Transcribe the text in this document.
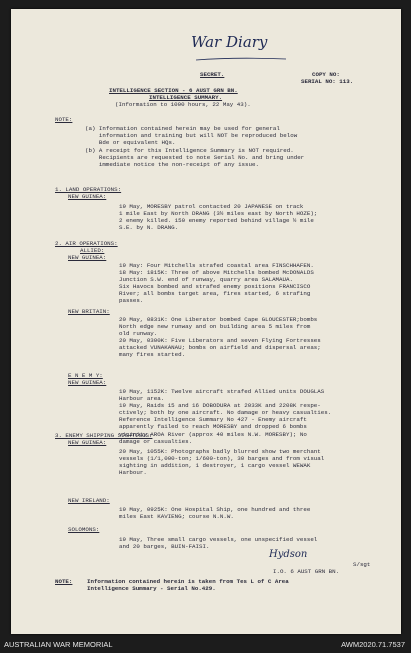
War Diary
SECRET.	COPY NO:
SERIAL NO: 113.
INTELLIGENCE SECTION - 6 AUST GRN BN.
INTELLIGENCE SUMMARY.
(Information to 1000 hours, 22 May 43).
NOTE:
(a) Information contained herein may be used for general
information and training but will NOT be reproduced below
Bde or equivalent HQs.
(b) A receipt for this Intelligence Summary is NOT required.
Recipients are requested to note Serial No. and bring under
immediate notice the non-receipt of any issue.
1. LAND OPERATIONS:
NEW GUINEA:
19 May, MORESBY patrol contacted 20 JAPANESE on track
1 mile East by North DRANG (3½ miles east by North HOZE);
2 enemy killed. 150 enemy reported behind village ½ mile
S.E. by N. DRANG.
2. AIR OPERATIONS:
ALLIED:
NEW GUINEA:
19 May: Four Mitchells strafed coastal area FINSCHHAFEN.
18 May: 1815K: Three of above Mitchells bombed McDONALDS
Junction S.W. end of runway, quarry area SALAMAUA.
Six Havocs bombed and strafed enemy positions FRANCISCO
River; all bombs target area, fires started, 6 strafing
passes.
NEW BRITAIN:
20 May, 0831K: One Liberator bombed Cape GLOUCESTER;bombs
North edge new runway and on building area 5 miles from
old runway.
20 May, 0300K: Five Liberators and seven Flying Fortresses
attacked VUNAKANAU; bombs on airfield and dispersal areas;
many fires started.
E N E M Y:
NEW GUINEA:
19 May, 1152K: Twelve aircraft strafed Allied units DOUGLAS
Harbour area.
19 May, Raids 15 and 16 DOBODURA at 2033K and 2208K respe-
ctively; both by one aircraft. No damage or heavy casualties.
Reference Intelligence Summary No 427 - Enemy aircraft
apparently failed to reach MORESBY and dropped 6 bombs
vicinity AROA River (approx 40 miles N.W. MORESBY); No
damage or casualties.
3. ENEMY SHIPPING SIGHTINGS:
NEW GUINEA:
20 May, 1055K: Photographs badly blurred show two merchant
vessels (1/1,000-ton; 1/600-ton), 30 barges and from visual
sighting in addition, 1 destroyer, 1 cargo vessel WEWAK
Harbour.
NEW IRELAND:
19 May, 0925K: One Hospital Ship, one hundred and three
miles East KAVIENG; course N.N.W.
SOLOMONS:
19 May, Three small cargo vessels, one unspecified vessel
and 20 barges, BUIN-FAISI.
Hydson
S/sgt
I.O. 6 AUST GRN BN.
NOTE:	Information contained herein is taken from Tes L of C Area
Intelligence Summary - Serial No.429.
AUSTRALIAN WAR MEMORIAL	AWM2020.71.7537
